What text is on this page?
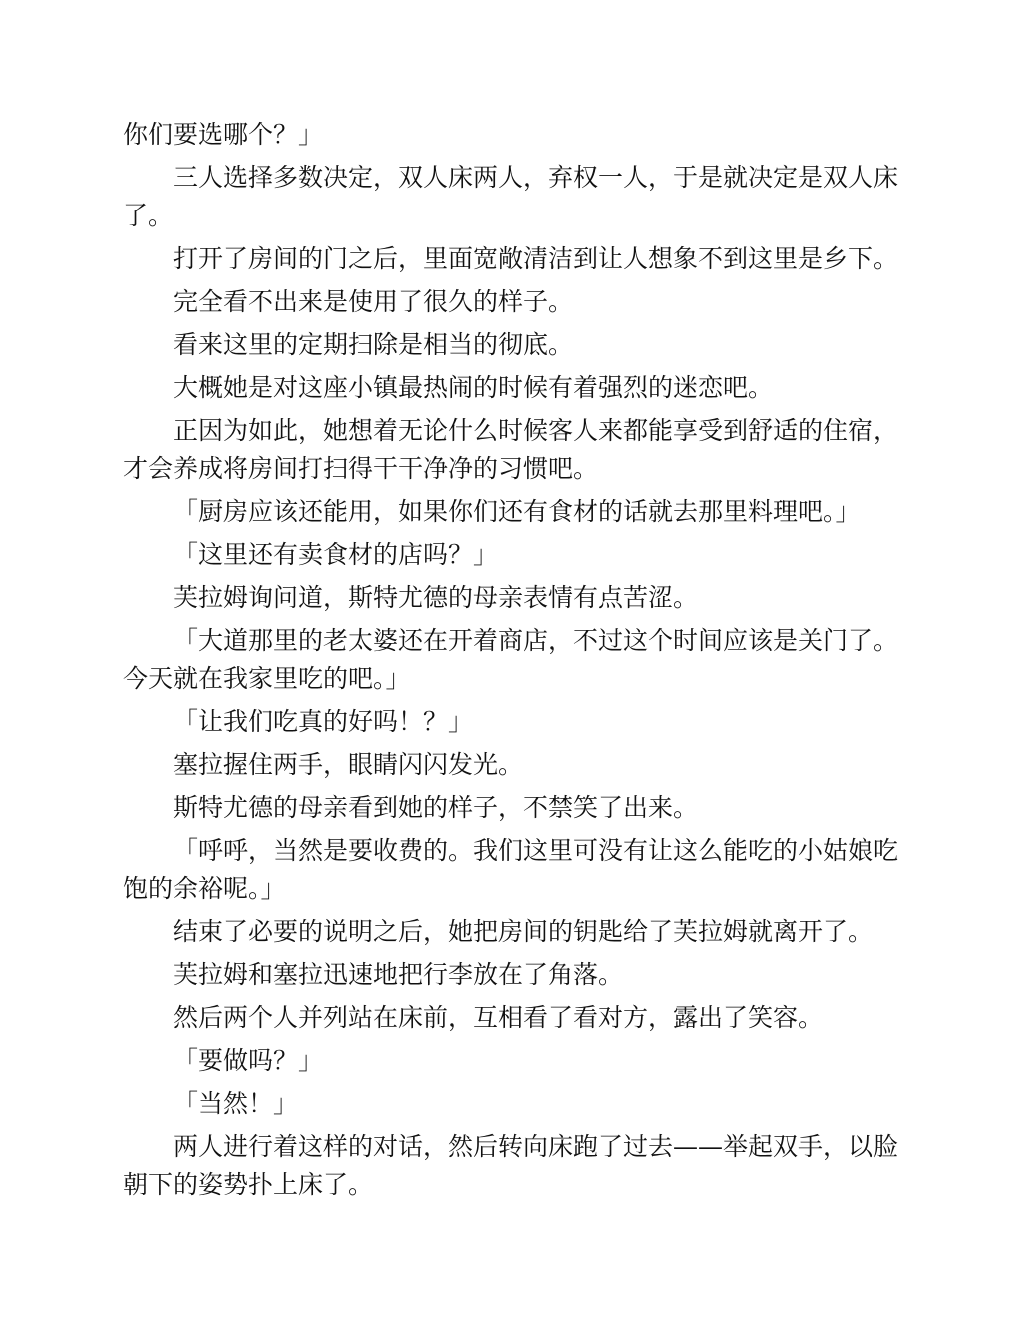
你们要选哪个？」
三人选择多数决定，双人床两人，弃权一人，于是就决定是双人床
了。
打开了房间的门之后，里面宽敞清洁到让人想象不到这里是乡下。
完全看不出来是使用了很久的样子。
看来这里的定期扫除是相当的彻底。
大概她是对这座小镇最热闹的时候有着强烈的迷恋吧。
正因为如此，她想着无论什么时候客人来都能享受到舒适的住宿，
才会养成将房间打扫得干干净净的习惯吧。
「厨房应该还能用，如果你们还有食材的话就去那里料理吧。」
「这里还有卖食材的店吗？」
芙拉姆询问道，斯特尤德的母亲表情有点苦涩。
「大道那里的老太婆还在开着商店，不过这个时间应该是关门了。
今天就在我家里吃的吧。」
「让我们吃真的好吗！？」
塞拉握住两手，眼睛闪闪发光。
斯特尤德的母亲看到她的样子，不禁笑了出来。
「呼呼，当然是要收费的。我们这里可没有让这么能吃的小姑娘吃
饱的余裕呢。」
结束了必要的说明之后，她把房间的钥匙给了芙拉姆就离开了。
芙拉姆和塞拉迅速地把行李放在了角落。
然后两个人并列站在床前，互相看了看对方，露出了笑容。
「要做吗？」
「当然！」
两人进行着这样的对话，然后转向床跑了过去——举起双手，以脸
朝下的姿势扑上床了。
